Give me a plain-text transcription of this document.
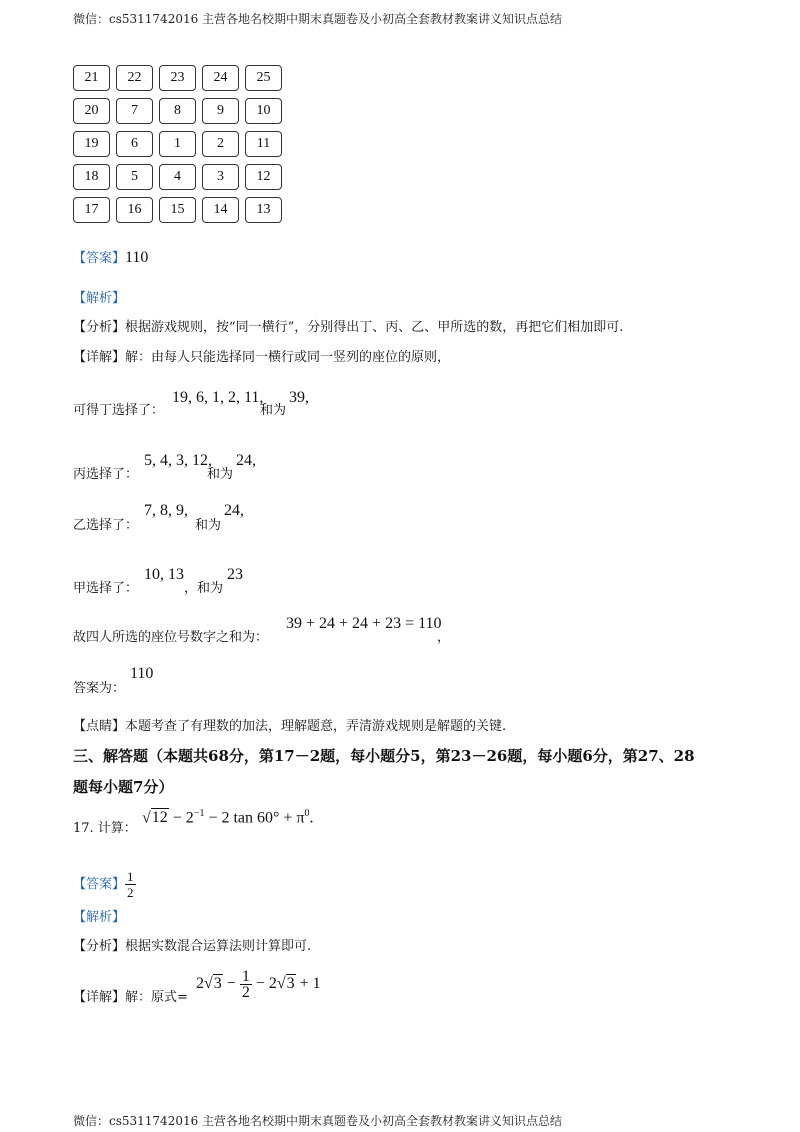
微信：cs5311742016 主营各地名校期中期末真题卷及小初高全套教材教案讲义知识点总结
21	22	23	24	25
20	7	8	9	10
19	6	1	2	11
18	5	4	3	12
17	16	15	14	13
【答案】110
【解析】
【分析】根据游戏规则，按“同一横行”，分别得出丁、丙、乙、甲所选的数，再把它们相加即可.
【详解】解：由每人只能选择同一横行或同一竖列的座位的原则，
可得丁选择了：
19, 6, 1, 2, 11,
和为
39,
丙选择了：
5, 4, 3, 12,
和为
24,
乙选择了：
7, 8, 9,
和为
24,
甲选择了：
10, 13
，和为
23
故四人所选的座位号数字之和为：
39 + 24 + 24 + 23 = 110
，
答案为：
110
【点睛】本题考查了有理数的加法，理解题意，弄清游戏规则是解题的关键.
三、解答题（本题共68分，第17－2题，每小题分5，第23－26题，每小题6分，第27、28
题每小题7分）
17. 计算：
$√12 - 2^{-1} - 2$ $\tan 60^\circ + \pi^0$.
【答案】 $\frac{1}{2}$
【解析】
【分析】根据实数混合运算法则计算即可.
【详解】解：原式=
$2√3 - \frac{1}{2} - 2√3 + 1$
微信：cs5311742016 主营各地名校期中期末真题卷及小初高全套教材教案讲义知识点总结
